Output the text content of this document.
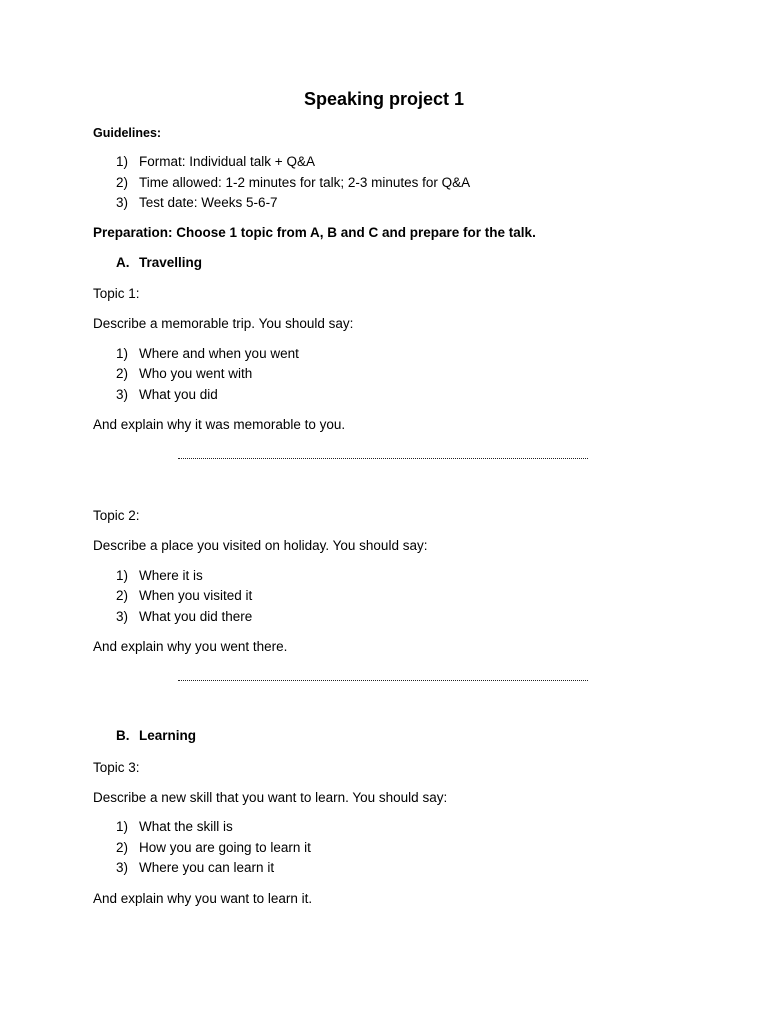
Speaking project 1
Guidelines:
1) Format: Individual talk + Q&A
2) Time allowed: 1-2 minutes for talk; 2-3 minutes for Q&A
3) Test date: Weeks 5-6-7
Preparation: Choose 1 topic from A, B and C and prepare for the talk.
A. Travelling
Topic 1:
Describe a memorable trip. You should say:
1) Where and when you went
2) Who you went with
3) What you did
And explain why it was memorable to you.
Topic 2:
Describe a place you visited on holiday. You should say:
1) Where it is
2) When you visited it
3) What you did there
And explain why you went there.
B. Learning
Topic 3:
Describe a new skill that you want to learn. You should say:
1) What the skill is
2) How you are going to learn it
3) Where you can learn it
And explain why you want to learn it.
